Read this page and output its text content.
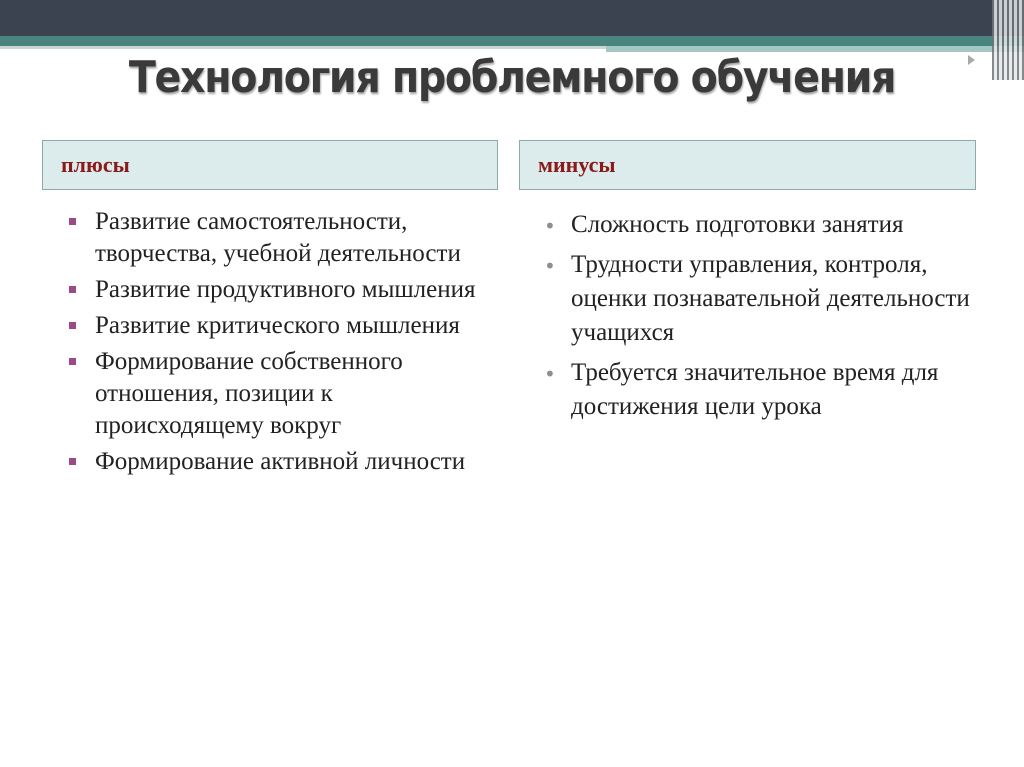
Технология проблемного обучения
плюсы
Развитие самостоятельности, творчества, учебной деятельности
Развитие продуктивного мышления
Развитие критического мышления
Формирование собственного отношения, позиции к происходящему вокруг
Формирование активной личности
минусы
• Сложность подготовки занятия
• Трудности управления, контроля, оценки познавательной деятельности учащихся
• Требуется значительное время для достижения цели урока
